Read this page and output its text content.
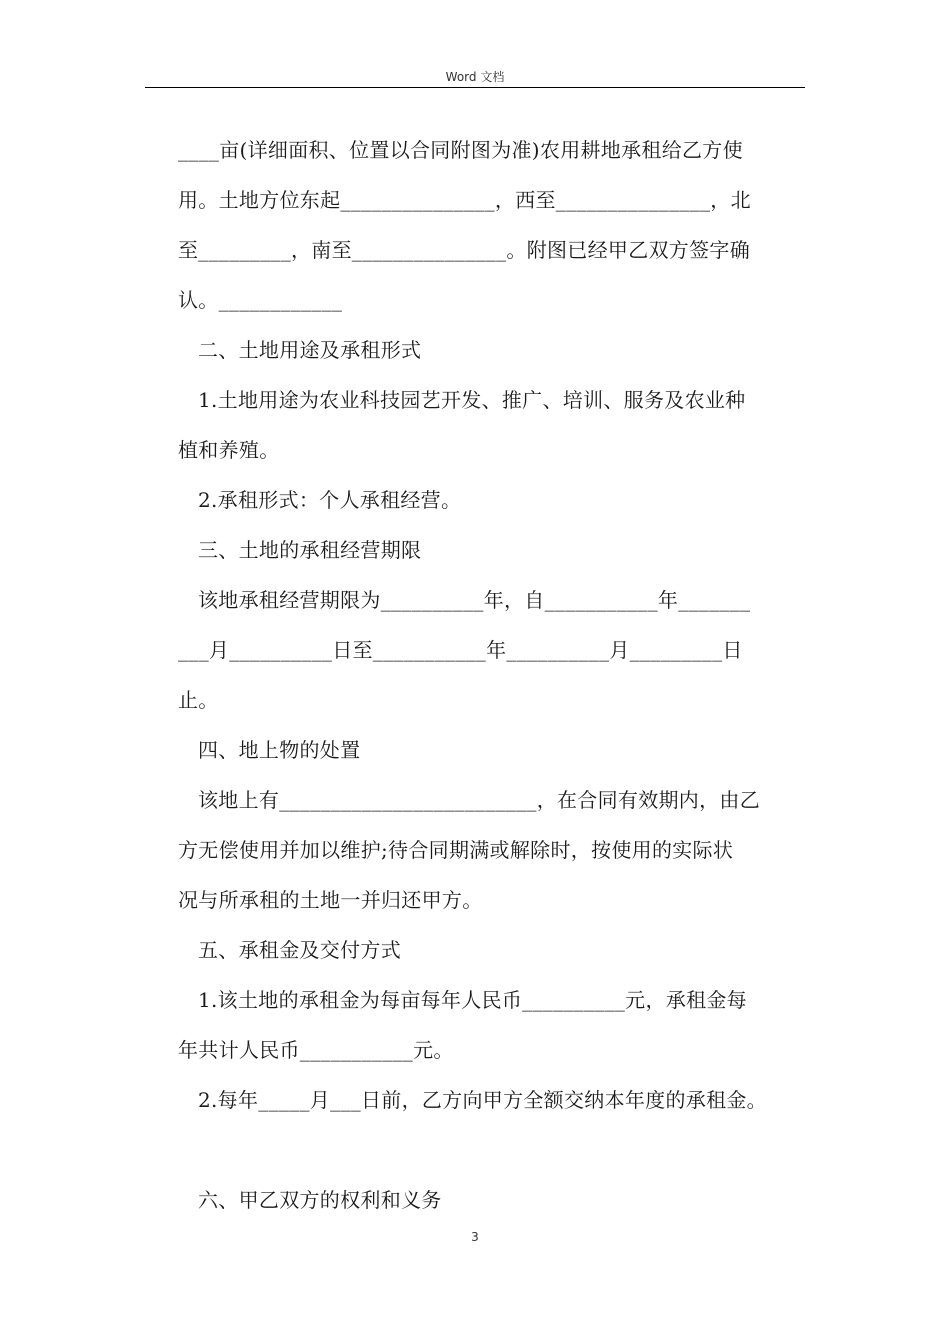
Word 文档
____亩(详细面积、位置以合同附图为准)农用耕地承租给乙方使
用。土地方位东起_______________，西至_______________，北
至_________，南至_______________。附图已经甲乙双方签字确
认。____________
二、土地用途及承租形式
1.土地用途为农业科技园艺开发、推广、培训、服务及农业种
植和养殖。
2.承租形式：个人承租经营。
三、土地的承租经营期限
该地承租经营期限为__________年，自___________年_______
___月__________日至___________年__________月_________日
止。
四、地上物的处置
该地上有_________________________，在合同有效期内，由乙
方无偿使用并加以维护;待合同期满或解除时，按使用的实际状
况与所承租的土地一并归还甲方。
五、承租金及交付方式
1.该土地的承租金为每亩每年人民币__________元，承租金每
年共计人民币___________元。
2.每年_____月___日前，乙方向甲方全额交纳本年度的承租金。
六、甲乙双方的权利和义务
3
